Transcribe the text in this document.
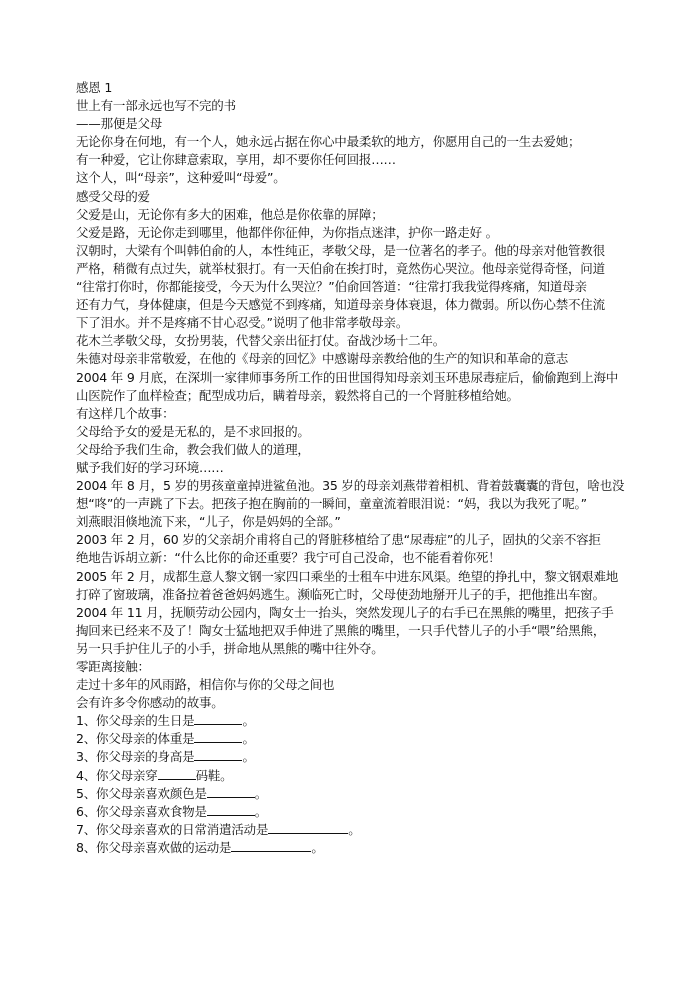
感恩 1
世上有一部永远也写不完的书
——那便是父母
无论你身在何地，有一个人，她永远占据在你心中最柔软的地方，你愿用自己的一生去爱她；
有一种爱，它让你肆意索取，享用，却不要你任何回报……
这个人，叫“母亲”，这种爱叫“母爱”。
感受父母的爱
父爱是山，无论你有多大的困难，他总是你依靠的屏障；
父爱是路，无论你走到哪里，他都伴你征伸，为你指点迷津，护你一路走好 。
汉朝时，大梁有个叫韩伯俞的人，本性纯正，孝敬父母，是一位著名的孝子。他的母亲对他管教很
严格，稍微有点过失，就举杖狠打。有一天伯俞在挨打时，竟然伤心哭泣。他母亲觉得奇怪，问道
“往常打你时，你都能接受，今天为什么哭泣？”伯俞回答道：“往常打我我觉得疼痛，知道母亲
还有力气，身体健康，但是今天感觉不到疼痛，知道母亲身体衰退，体力微弱。所以伤心禁不住流
下了泪水。并不是疼痛不甘心忍受。”说明了他非常孝敬母亲。
花木兰孝敬父母，女扮男装，代替父亲出征打仗。奋战沙场十二年。
朱德对母亲非常敬爱，在他的《母亲的回忆》中感谢母亲教给他的生产的知识和革命的意志
2004 年 9 月底，在深圳一家律师事务所工作的田世国得知母亲刘玉环患尿毒症后，偷偷跑到上海中
山医院作了血样检查；配型成功后，瞒着母亲，毅然将自己的一个肾脏移植给她。
有这样几个故事：
父母给予女的爱是无私的，是不求回报的。
父母给予我们生命，教会我们做人的道理，
赋予我们好的学习环境……
2004 年 8 月，5 岁的男孩童童掉进鲨鱼池。35 岁的母亲刘燕带着相机、背着鼓囊囊的背包，啥也没
想“咚”的一声跳了下去。把孩子抱在胸前的一瞬间，童童流着眼泪说：“妈，我以为我死了呢。”
刘燕眼泪倏地流下来，“儿子，你是妈妈的全部。”
2003 年 2 月，60 岁的父亲胡介甫将自己的肾脏移植给了患“尿毒症”的儿子，固执的父亲不容拒
绝地告诉胡立新：“什么比你的命还重要？我宁可自己没命，也不能看着你死！
2005 年 2 月，成都生意人黎文钢一家四口乘坐的士租车中进东风渠。绝望的挣扎中，黎文钢艰难地
打碎了窗玻璃，准备拉着爸爸妈妈逃生。濒临死亡时，父母使劲地掰开儿子的手，把他推出车窗。
2004 年 11 月，抚顺劳动公园内，陶女士一抬头，突然发现儿子的右手已在黑熊的嘴里，把孩子手
掏回来已经来不及了！陶女士猛地把双手伸进了黑熊的嘴里，一只手代替儿子的小手“喂”给黑熊，
另一只手护住儿子的小手，拼命地从黑熊的嘴中往外夺。
零距离接触：
走过十多年的风雨路，相信你与你的父母之间也
会有许多令你感动的故事。
1、你父母亲的生日是	。
2、你父母亲的体重是	。
3、你父母亲的身高是	。
4、你父母亲穿	码鞋。
5、你父母亲喜欢颜色是	。
6、你父母亲喜欢食物是	。
7、你父母亲喜欢的日常消遣活动是	。
8、你父母亲喜欢做的运动是	。
